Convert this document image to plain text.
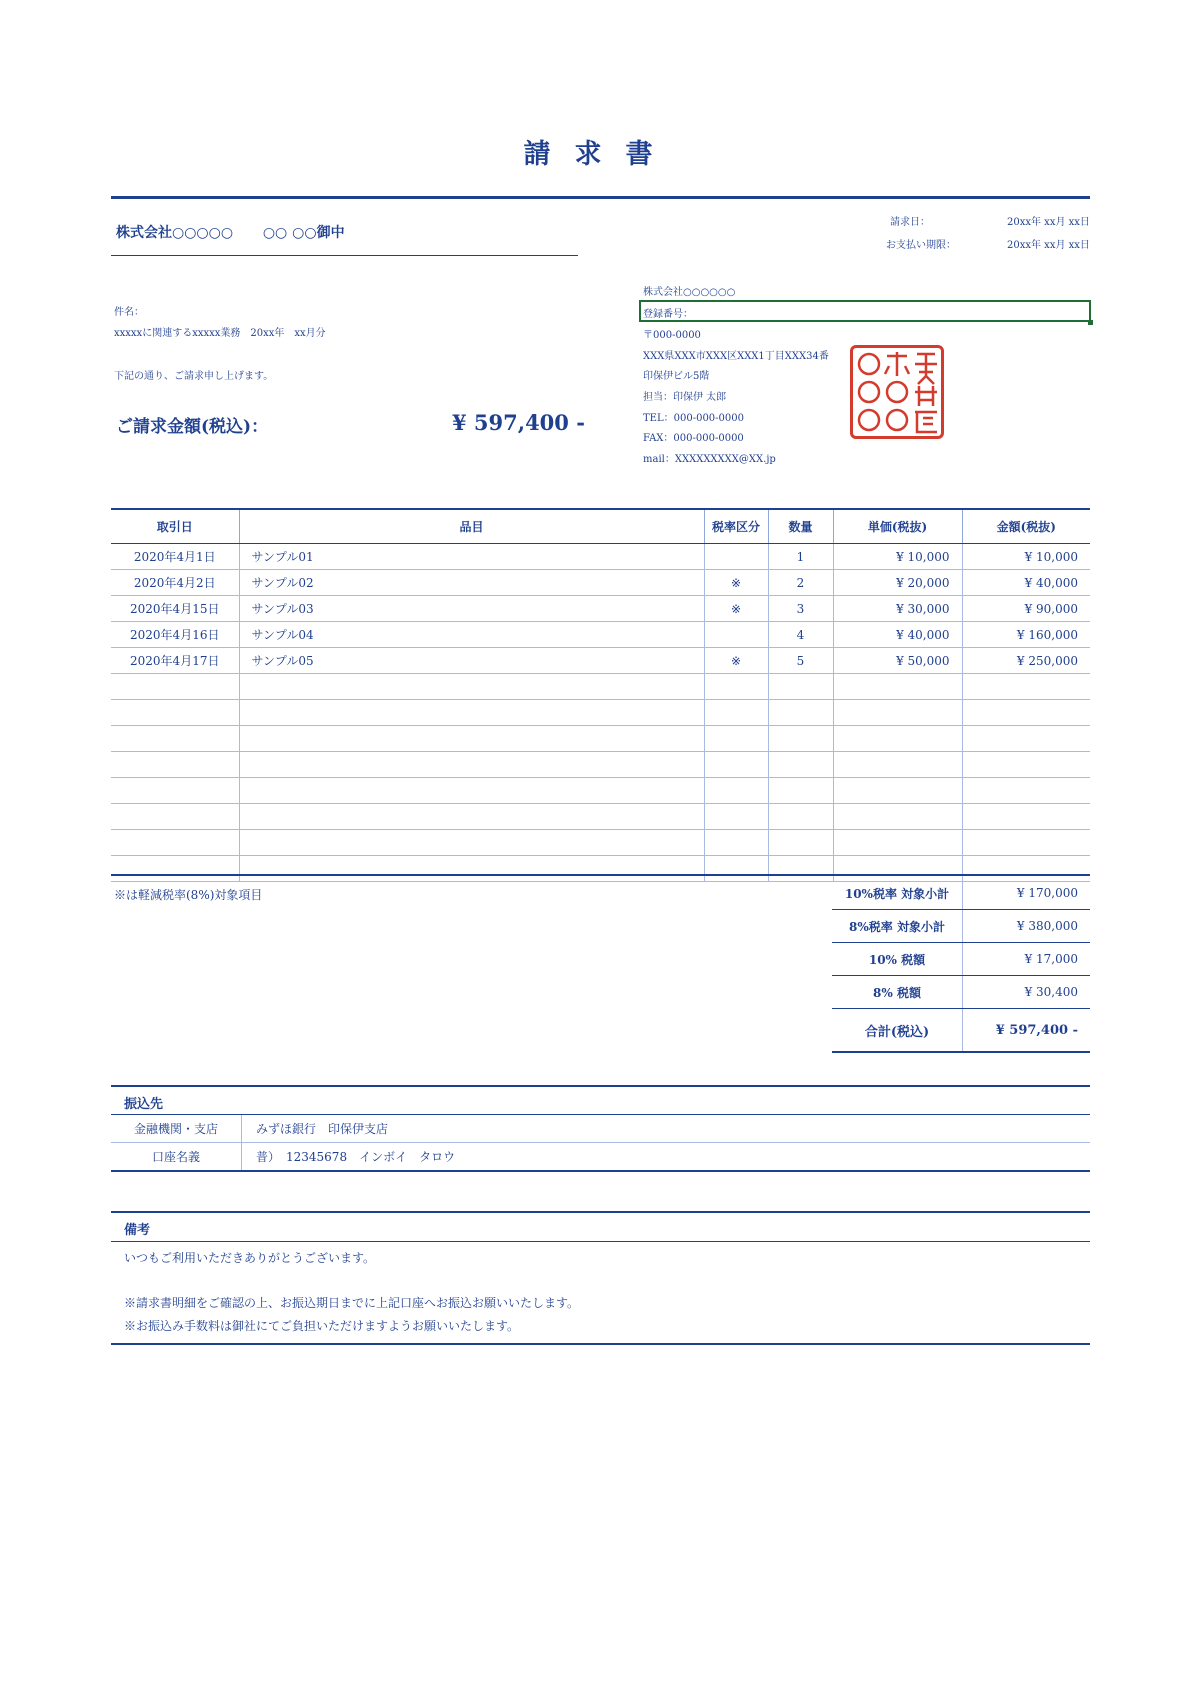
請求書
株式会社○○○○○ ○○ ○○御中
請求日：	20xx年 xx月 xx日
お支払い期限：	20xx年 xx月 xx日
件名：
xxxxxに関連するxxxxx業務　20xx年　xx月分
下記の通り、ご請求申し上げます。
ご請求金額(税込)：	¥ 597,400 -
株式会社○○○○○○
登録番号：
〒000-0000
XXX県XXX市XXX区XXX1丁目XXX34番
印保伊ビル5階
担当：印保伊 太郎
TEL：000-000-0000
FAX：000-000-0000
mail：XXXXXXXXX@XX.jp
取引日	品目	税率区分	数量	単価(税抜)	金額(税抜)
2020年4月1日	サンプル01		1	¥ 10,000	¥ 10,000
2020年4月2日	サンプル02	※	2	¥ 20,000	¥ 40,000
2020年4月15日	サンプル03	※	3	¥ 30,000	¥ 90,000
2020年4月16日	サンプル04		4	¥ 40,000	¥ 160,000
2020年4月17日	サンプル05	※	5	¥ 50,000	¥ 250,000

※は軽減税率(8%)対象項目	10%税率 対象小計	¥ 170,000
8%税率 対象小計	¥ 380,000
10% 税額	¥ 17,000
8% 税額	¥ 30,400
合計(税込)	¥ 597,400 -
振込先
金融機関・支店	みずほ銀行　印保伊支店
口座名義	普）　12345678　インボイ　タロウ
備考
いつもご利用いただきありがとうございます。
※請求書明細をご確認の上、お振込期日までに上記口座へお振込お願いいたします。
※お振込み手数料は御社にてご負担いただけますようお願いいたします。
